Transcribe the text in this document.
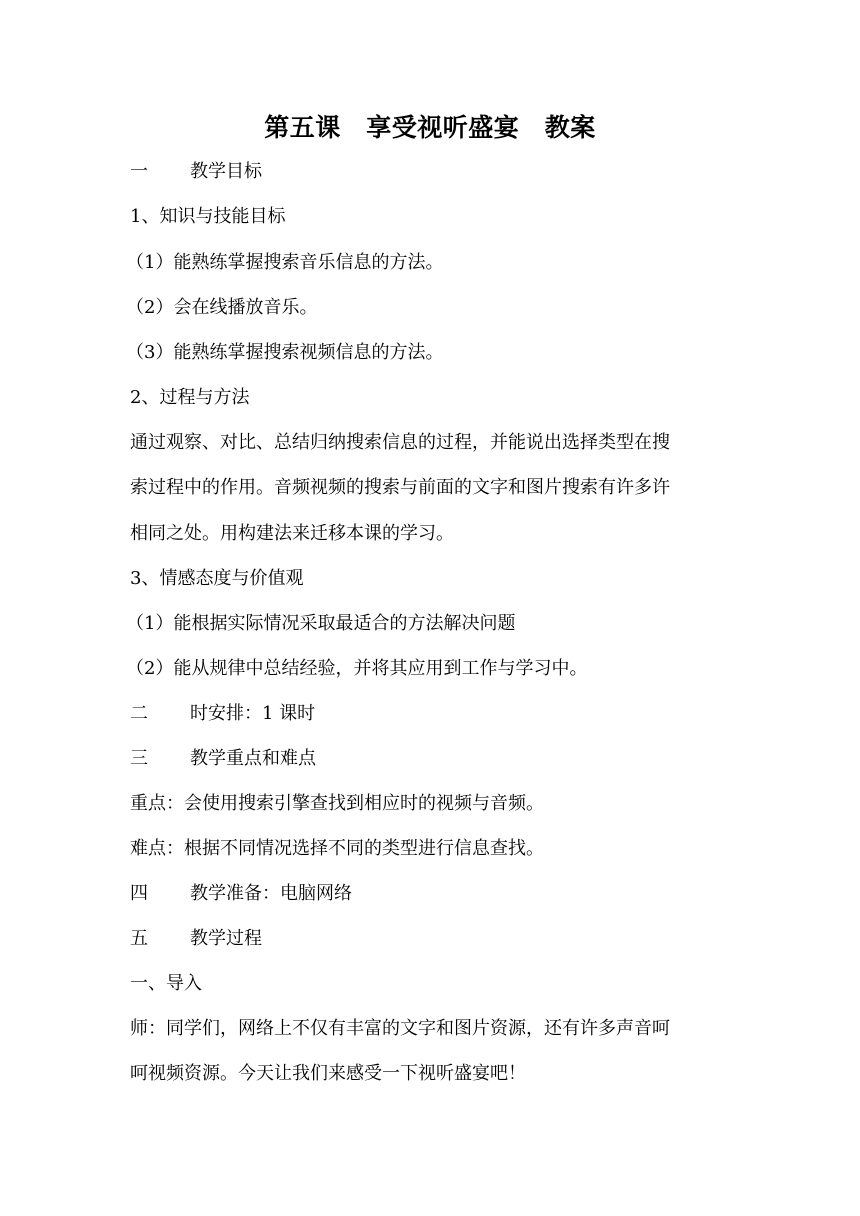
第五课　享受视听盛宴　教案
一 教学目标
1、知识与技能目标
（1）能熟练掌握搜索音乐信息的方法。
（2）会在线播放音乐。
（3）能熟练掌握搜索视频信息的方法。
2、过程与方法
通过观察、对比、总结归纳搜索信息的过程，并能说出选择类型在搜
索过程中的作用。音频视频的搜索与前面的文字和图片搜索有许多许
相同之处。用构建法来迁移本课的学习。
3、情感态度与价值观
（1）能根据实际情况采取最适合的方法解决问题
（2）能从规律中总结经验，并将其应用到工作与学习中。
二 时安排：1 课时
三 教学重点和难点
重点：会使用搜索引擎查找到相应时的视频与音频。
难点：根据不同情况选择不同的类型进行信息查找。
四 教学准备：电脑网络
五 教学过程
一、导入
师：同学们，网络上不仅有丰富的文字和图片资源，还有许多声音呵
呵视频资源。今天让我们来感受一下视听盛宴吧！
